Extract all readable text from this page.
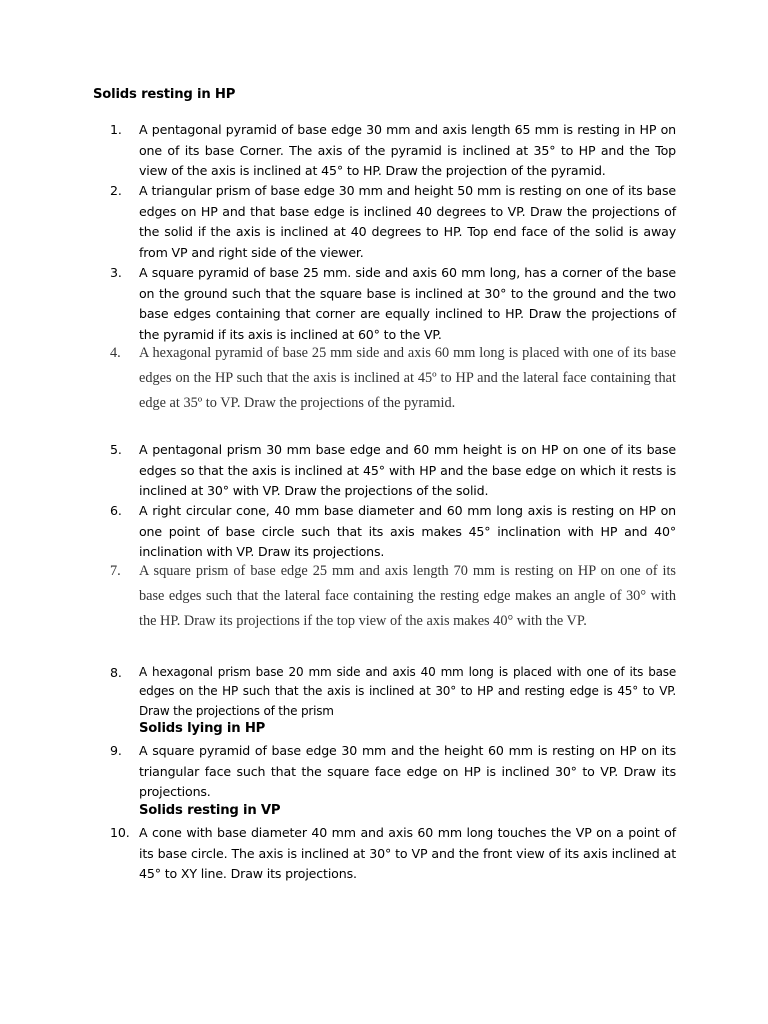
Solids resting in HP
1.	A pentagonal pyramid of base edge 30 mm and axis length 65 mm is resting in HP on one of its base Corner. The axis of the pyramid is inclined at 35° to HP and the Top view of the axis is inclined at 45° to HP. Draw the projection of the pyramid.
2.	A triangular prism of base edge 30 mm and height 50 mm is resting on one of its base edges on HP and that base edge is inclined 40 degrees to VP. Draw the projections of the solid if the axis is inclined at 40 degrees to HP. Top end face of the solid is away from VP and right side of the viewer.
3.	A square pyramid of base 25 mm. side and axis 60 mm long, has a corner of the base on the ground such that the square base is inclined at 30° to the ground and the two base edges containing that corner are equally inclined to HP. Draw the projections of the pyramid if its axis is inclined at 60° to the VP.
4.	A hexagonal pyramid of base 25 mm side and axis 60 mm long is placed with one of its base edges on the HP such that the axis is inclined at 45º to HP and the lateral face containing that edge at 35º to VP. Draw the projections of the pyramid.
5.	A pentagonal prism 30 mm base edge and 60 mm height is on HP on one of its base edges so that the axis is inclined at 45° with HP and the base edge on which it rests is inclined at 30° with VP. Draw the projections of the solid.
6.	A right circular cone, 40 mm base diameter and 60 mm long axis is resting on HP on one point of base circle such that its axis makes 45° inclination with HP and 40° inclination with VP. Draw its projections.
7.	A square prism of base edge 25 mm and axis length 70 mm is resting on HP on one of its base edges such that the lateral face containing the resting edge makes an angle of 30° with the HP. Draw its projections if the top view of the axis makes 40° with the VP.
8.	A hexagonal prism base 20 mm side and axis 40 mm long is placed with one of its base edges on the HP such that the axis is inclined at 30° to HP and resting edge is 45° to VP. Draw the projections of the prism
Solids lying in HP
9.	A square pyramid of base edge 30 mm and the height 60 mm is resting on HP on its triangular face such that the square face edge on HP is inclined 30° to VP. Draw its projections.
Solids resting in VP
10. A cone with base diameter 40 mm and axis 60 mm long touches the VP on a point of its base circle. The axis is inclined at 30° to VP and the front view of its axis inclined at 45° to XY line. Draw its projections.
